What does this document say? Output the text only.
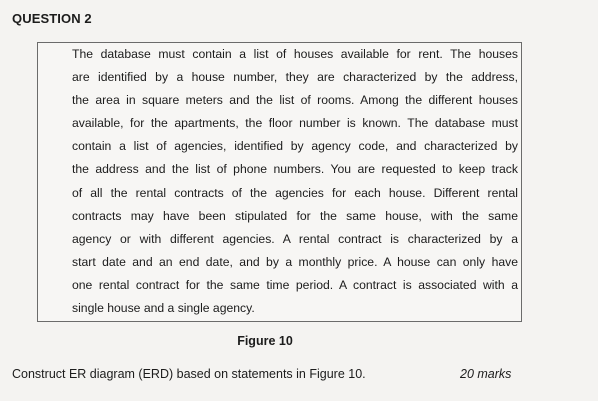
QUESTION 2
The database must contain a list of houses available for rent. The houses
are identified by a house number, they are characterized by the address,
the area in square meters and the list of rooms. Among the different houses
available, for the apartments, the floor number is known. The database must
contain a list of agencies, identified by agency code, and characterized by
the address and the list of phone numbers. You are requested to keep track
of all the rental contracts of the agencies for each house. Different rental
contracts may have been stipulated for the same house, with the same
agency or with different agencies. A rental contract is characterized by a
start date and an end date, and by a monthly price. A house can only have
one rental contract for the same time period. A contract is associated with a
single house and a single agency.
Figure 10
Construct ER diagram (ERD) based on statements in Figure 10.	20 marks
